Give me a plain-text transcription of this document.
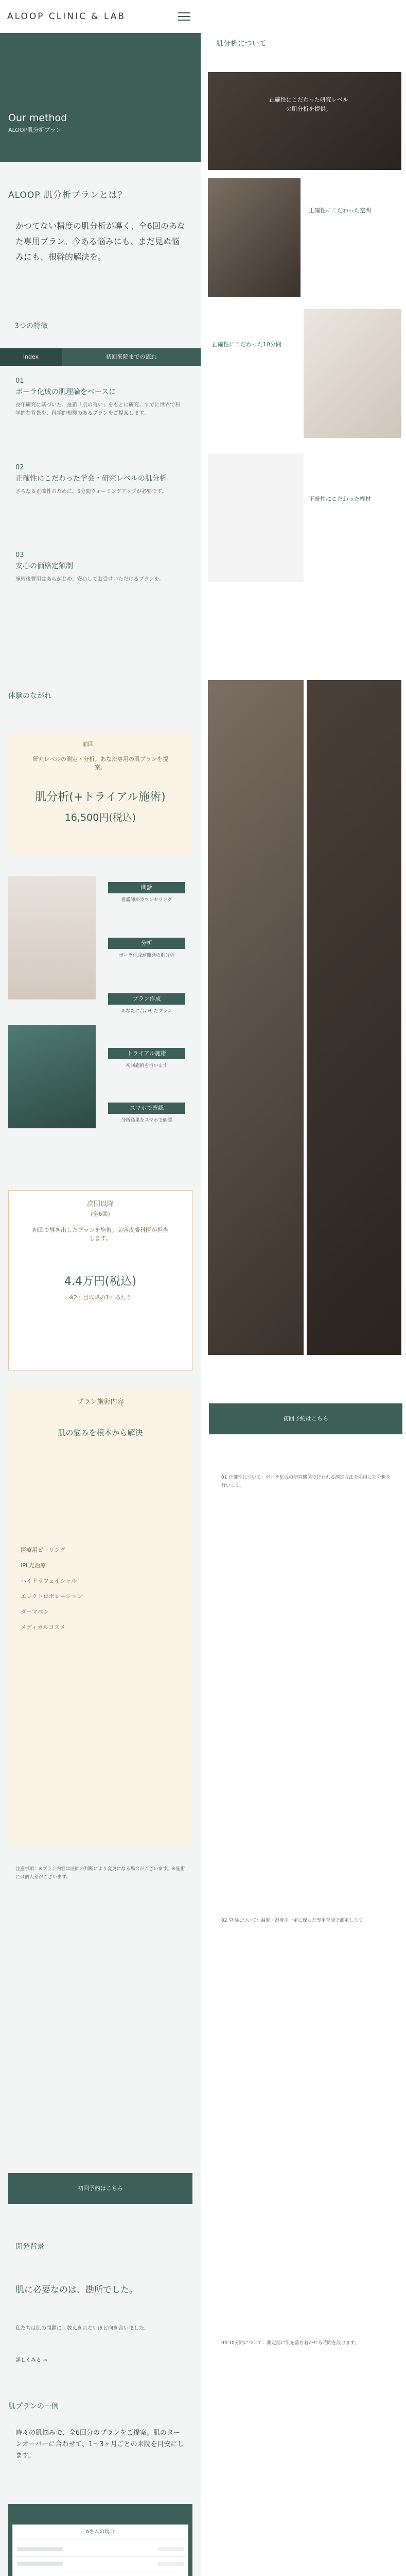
ALOOP CLINIC & LAB
Our method
ALOOP肌分析プラン
ALOOP 肌分析プランとは？
かつてない精度の肌分析が導く、全6回のあなた専用プラン。今ある悩みにも、まだ見ぬ悩みにも、根幹的解決を。
3つの特徴
Index	初回来院までの流れ
01
ボーラ化成の肌理論をベースに
長年研究に基づいた、最新「肌の習い」をもとに研究。すでに世界で科学的な背景を、科学的根拠のあるプランをご提案します。
02
正確性にこだわった学会・研究レベルの肌分析
さらなる正確性のために、5分間ウォーミングアップが必要です。
03
安心の価格定額制
施術後費用はあらかじめ、安心してお受けいただけるプランを。
体験のながれ
前回
研究レベルの測定・分析。あなた専用の肌プランを提案。
肌分析(+トライアル施術)
16,500円(税込)
問診
看護師がカウンセリング
分析
ボーラ化成が開発の肌分析
プラン作成
あなたに合わせたプラン
トライアル施術
初回施術を行います
スマホで確認
分析結果をスマホで確認
次回以降
(全6回)
初回で導き出したプランを施術。美容皮膚科医が担当します。
4.4万円(税込)
※2回目以降の1回あたり
プラン施術内容
肌の悩みを根本から解決
医療用ピーリング
IPL光治療
ハイドラフェイシャル
エレクトロポレーション
ダーマペン
メディカルコスメ
注意事項：※プラン内容は医師の判断により変更になる場合がございます。※施術には個人差がございます。
初回予約はこちら
開発背景
肌に必要なのは、勘所でした。
私たちは肌の問題に、数えきれないほど向き合いました。
詳しくみる →
肌プランの一例
時々の肌悩みで、全6回分のプランをご提案。肌のターンオーバーに合わせて、1〜3ヶ月ごとの来院を目安にします。
Aさんの場合
肌分析について
正確性にこだわった研究レベルの肌分析を提供。
正確性にこだわった空間
正確性にこだわった10分間
正確性にこだわった機材
初回予約はこちら
01 正確性について：ボーラ化成の研究機関で行われる測定方法を応用した分析を行います。
02 空間について：温度・湿度を一定に保った専用空間で測定します。
03 10分間について：測定前に肌を落ち着かせる時間を設けます。
